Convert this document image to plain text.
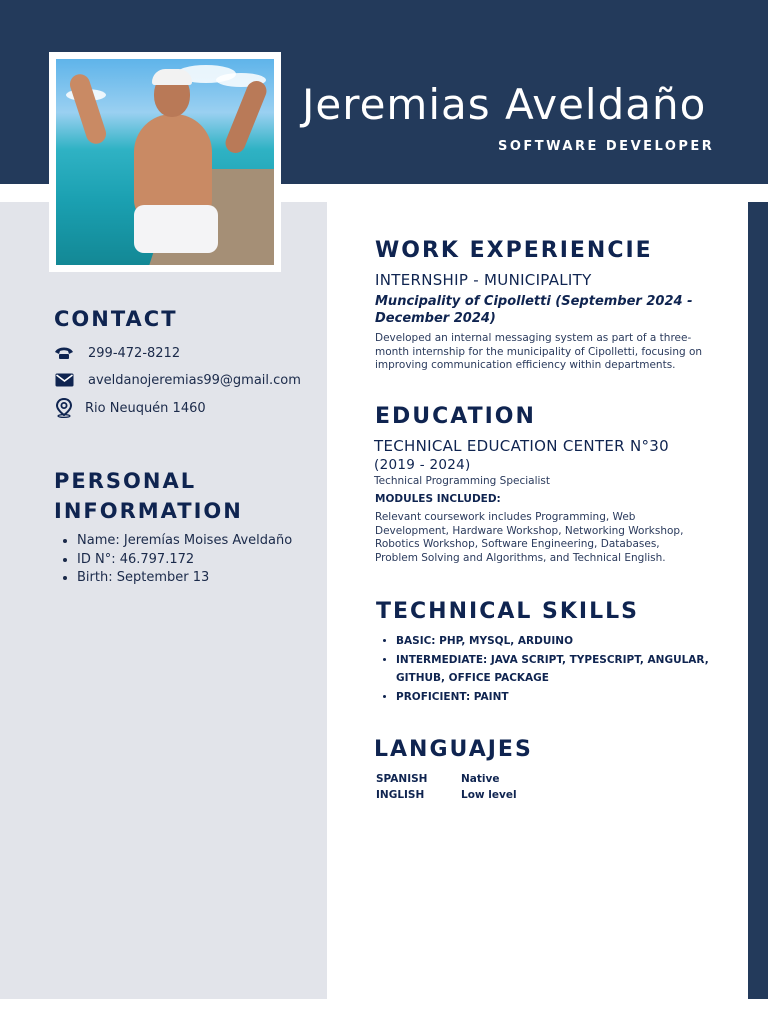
Jeremias Aveldaño
SOFTWARE DEVELOPER
CONTACT
299-472-8212
aveldanojeremias99@gmail.com
Rio Neuquén 1460
PERSONAL
INFORMATION
• Name: Jeremías Moises Aveldaño
• ID N°: 46.797.172
• Birth: September 13
WORK EXPERIENCIE
INTERNSHIP - MUNICIPALITY
Muncipality of Cipolletti (September 2024 - December 2024)
Developed an internal messaging system as part of a three-month internship for the municipality of Cipolletti, focusing on improving communication efficiency within departments.
EDUCATION
TECHNICAL EDUCATION CENTER N°30
(2019 - 2024)
Technical Programming Specialist
MODULES INCLUDED:
Relevant coursework includes Programming, Web Development, Hardware Workshop, Networking Workshop, Robotics Workshop, Software Engineering, Databases, Problem Solving and Algorithms, and Technical English.
TECHNICAL SKILLS
• BASIC: PHP, MYSQL, ARDUINO
• INTERMEDIATE: JAVA SCRIPT, TYPESCRIPT, ANGULAR, GITHUB, OFFICE PACKAGE
• PROFICIENT: PAINT
LANGUAJES
SPANISH	Native
INGLISH	Low level
